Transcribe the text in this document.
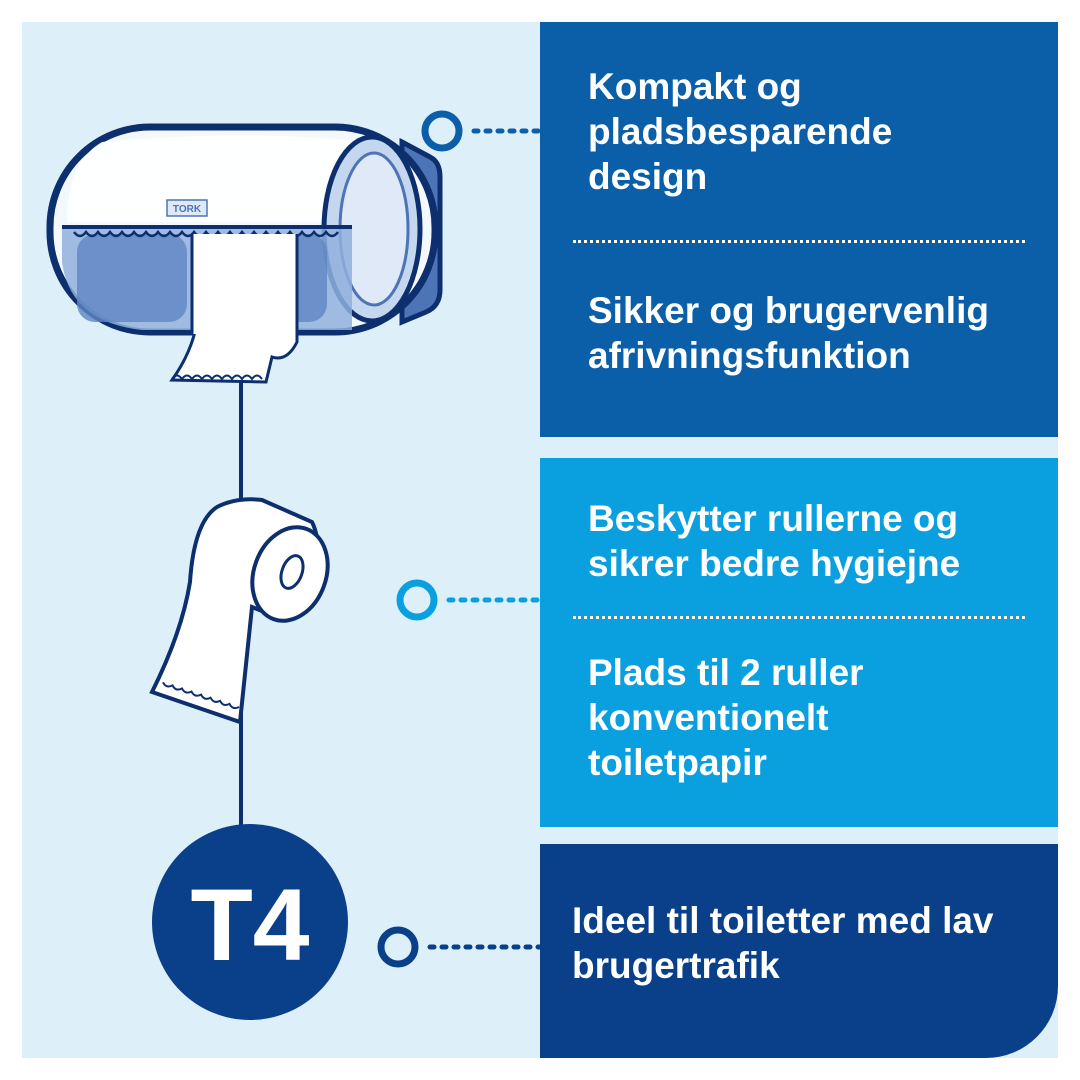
TORK
T4

Kompakt og pladsbesparende design

Sikker og brugervenlig afrivningsfunktion

Beskytter rullerne og sikrer bedre hygiejne

Plads til 2 ruller konventionelt toiletpapir

Ideel til toiletter med lav brugertrafik
